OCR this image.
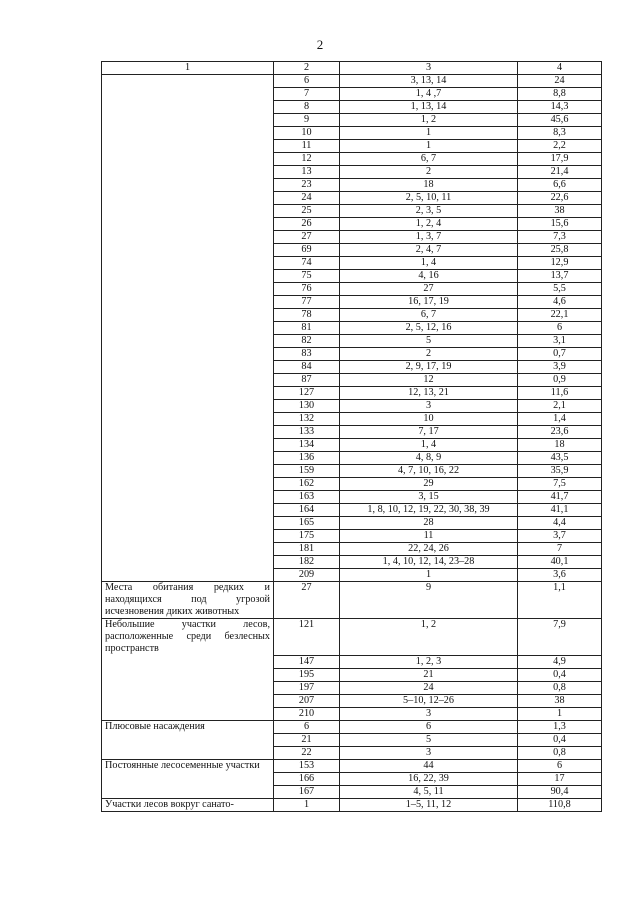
2
1	2	3	4
	6	3, 13, 14	24
	7	1, 4 ,7	8,8
	8	1, 13, 14	14,3
	9	1, 2	45,6
	10	1	8,3
	11	1	2,2
	12	6, 7	17,9
	13	2	21,4
	23	18	6,6
	24	2, 5, 10, 11	22,6
	25	2, 3, 5	38
	26	1, 2, 4	15,6
	27	1, 3, 7	7,3
	69	2, 4, 7	25,8
	74	1, 4	12,9
	75	4, 16	13,7
	76	27	5,5
	77	16, 17, 19	4,6
	78	6, 7	22,1
	81	2, 5, 12, 16	6
	82	5	3,1
	83	2	0,7
	84	2, 9, 17, 19	3,9
	87	12	0,9
	127	12, 13, 21	11,6
	130	3	2,1
	132	10	1,4
	133	7, 17	23,6
	134	1, 4	18
	136	4, 8, 9	43,5
	159	4, 7, 10, 16, 22	35,9
	162	29	7,5
	163	3, 15	41,7
	164	1, 8, 10, 12, 19, 22, 30, 38, 39	41,1
	165	28	4,4
	175	11	3,7
	181	22, 24, 26	7
	182	1, 4, 10, 12, 14, 23–28	40,1
	209	1	3,6
Места обитания редких и находящихся под угрозой исчезновения диких животных	27	9	1,1
Небольшие участки лесов, расположенные среди безлесных пространств	121	1, 2	7,9
	147	1, 2, 3	4,9
	195	21	0,4
	197	24	0,8
	207	5–10, 12–26	38
	210	3	1
Плюсовые насаждения	6	6	1,3
	21	5	0,4
	22	3	0,8
Постоянные лесосеменные участки	153	44	6
	166	16, 22, 39	17
	167	4, 5, 11	90,4
Участки лесов вокруг санато-	1	1–5, 11, 12	110,8
